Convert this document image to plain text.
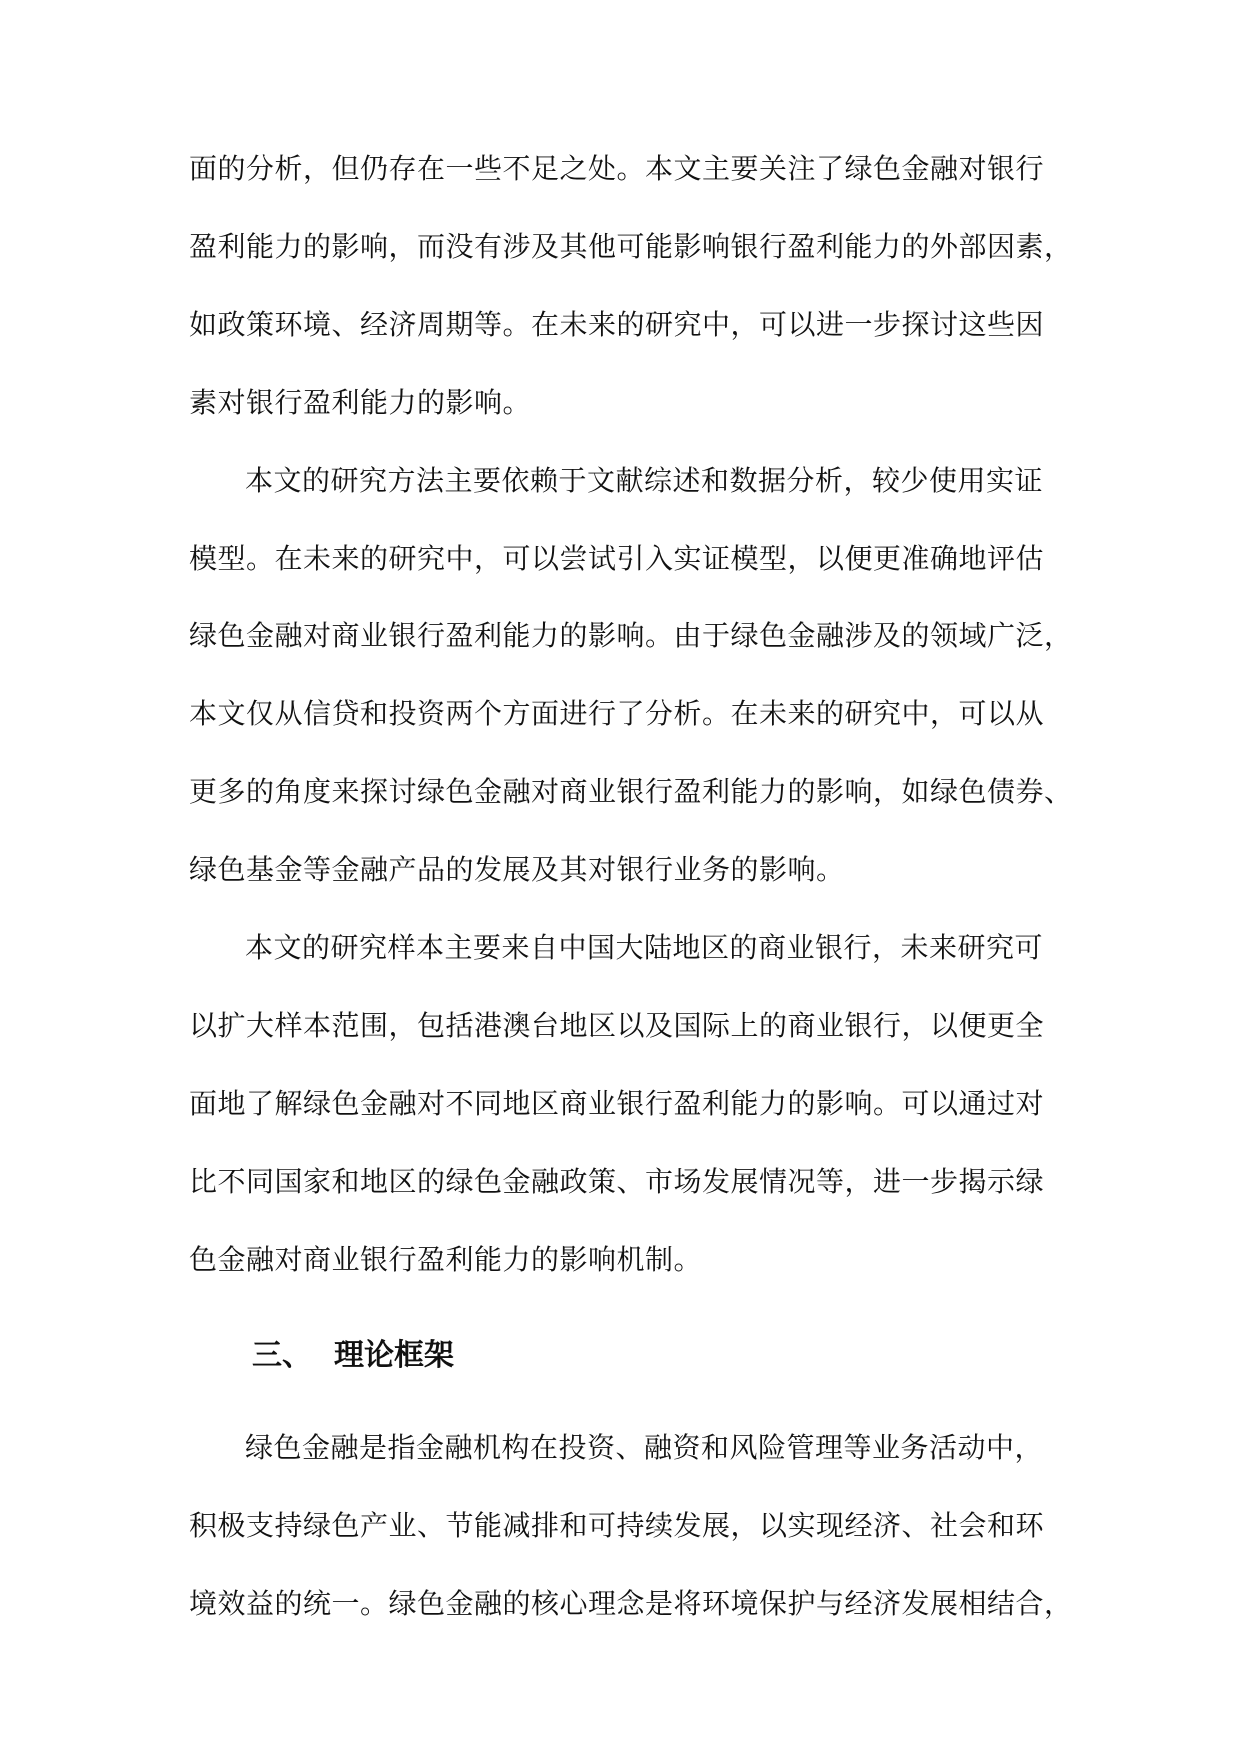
面的分析，但仍存在一些不足之处。本文主要关注了绿色金融对银行
盈利能力的影响，而没有涉及其他可能影响银行盈利能力的外部因素，
如政策环境、经济周期等。在未来的研究中，可以进一步探讨这些因
素对银行盈利能力的影响。
本文的研究方法主要依赖于文献综述和数据分析，较少使用实证
模型。在未来的研究中，可以尝试引入实证模型，以便更准确地评估
绿色金融对商业银行盈利能力的影响。由于绿色金融涉及的领域广泛，
本文仅从信贷和投资两个方面进行了分析。在未来的研究中，可以从
更多的角度来探讨绿色金融对商业银行盈利能力的影响，如绿色债券、
绿色基金等金融产品的发展及其对银行业务的影响。
本文的研究样本主要来自中国大陆地区的商业银行，未来研究可
以扩大样本范围，包括港澳台地区以及国际上的商业银行，以便更全
面地了解绿色金融对不同地区商业银行盈利能力的影响。可以通过对
比不同国家和地区的绿色金融政策、市场发展情况等，进一步揭示绿
色金融对商业银行盈利能力的影响机制。
三、 理论框架
绿色金融是指金融机构在投资、融资和风险管理等业务活动中，
积极支持绿色产业、节能减排和可持续发展，以实现经济、社会和环
境效益的统一。绿色金融的核心理念是将环境保护与经济发展相结合，
